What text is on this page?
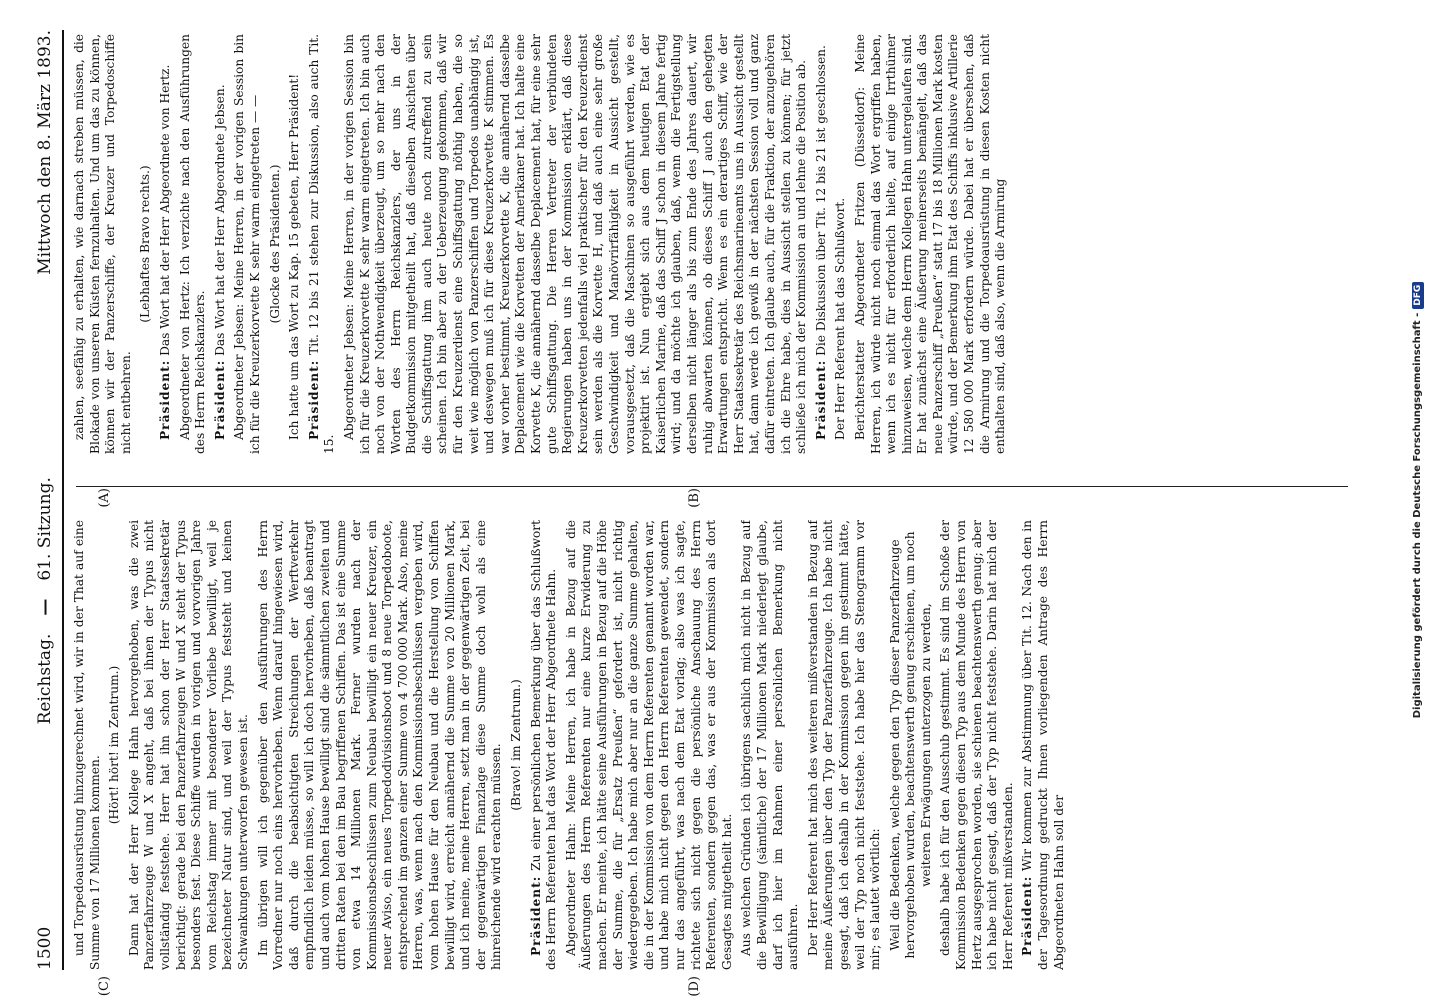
1500
Reichstag.
—
61. Sitzung.
Mittwoch den 8. März 1893. zahlen, seefähig zu erhalten, wie darnach streben müssen, die Blokade von unseren Küsten fernzuhalten. Und um das zu können, können wir der Panzerschiffe, der Kreuzer und Torpedoschiffe nicht entbehren.

(Lebhaftes Bravo rechts.)

Präsident: Das Wort hat der Herr Abgeordnete von Hertz. Abgeordneter von Hertz: Ich verzichte nach den Ausführungen des Herrn Reichskanzlers. Präsident: Das Wort hat der Herr Abgeordnete Jebsen. Abgeordneter Jebsen: Meine Herren, in der vorigen Session bin ich für die Kreuzerkorvette K sehr warm eingetreten — — (Glocke des Präsidenten.) Ich hatte um das Wort zu Kap. 15 gebeten, Herr Präsident! Präsident: Tit. 12 bis 21 stehen zur Diskussion, also auch Tit. 15.

Abgeordneter Jebsen: Meine Herren, in der vorigen Session bin ich für die Kreuzerkorvette K sehr warm eingetreten. Ich bin auch noch von der Nothwendigkeit überzeugt, um so mehr nach den Worten des Herrn Reichskanzlers, der uns in der Budgetkommission mitgetheilt hat, daß dieselben Ansichten über die Schiffsgattung ihm auch heute noch zutreffend zu sein scheinen. Ich bin aber zu der Ueberzeugung gekommen, daß wir für den Kreuzerdienst eine Schiffsgattung nöthig haben, die so weit wie möglich von Panzerschiffen und Torpedos unabhängig ist, und deswegen muß ich für diese Kreuzerkorvette K stimmen. Es war vorher bestimmt, Kreuzerkorvette K, die annähernd dasselbe Deplacement wie die Korvetten der Amerikaner hat. Ich halte eine Korvette K, die annähernd dasselbe Deplacement hat, für eine sehr gute Schiffsgattung. Die Herren Vertreter der verbündeten Regierungen haben uns in der Kommission erklärt, daß diese Kreuzerkorvetten jedenfalls viel praktischer für den Kreuzerdienst sein werden als die Korvette H, und daß auch eine sehr große Geschwindigkeit und Manövrirfähigkeit in Aussicht gestellt, vorausgesetzt, daß die Maschinen so ausgeführt werden, wie es projektirt ist. Nun ergiebt sich aus dem heutigen Etat der Kaiserlichen Marine, daß das Schiff J schon in diesem Jahre fertig wird; und da möchte ich glauben, daß, wenn die Fertigstellung derselben nicht länger als bis zum Ende des Jahres dauert, wir ruhig abwarten können, ob dieses Schiff J auch den gehegten Erwartungen entspricht. Wenn es ein derartiges Schiff, wie der Herr Staatssekretär des Reichsmarineamts uns in Aussicht gestellt hat, dann werde ich gewiß in der nächsten Session voll und ganz dafür eintreten. Ich glaube auch, für die Fraktion, der anzugehören ich die Ehre habe, dies in Aussicht stellen zu können; für jetzt schließe ich mich der Kommission an und lehne die Position ab. Präsident: Die Diskussion über Tit. 12 bis 21 ist geschlossen. Der Herr Referent hat das Schlußwort. Berichterstatter Abgeordneter Fritzen (Düsseldorf): Meine Herren, ich würde nicht noch einmal das Wort ergriffen haben, wenn ich es nicht für erforderlich hielte, auf einige Irrthümer hinzuweisen, welche dem Herrn Kollegen Hahn untergelaufen sind. Er hat zunächst eine Äußerung meinerseits bemängelt, daß das neue Panzerschiff „Preußen“ statt 17 bis 18 Millionen Mark kosten würde, und der Bemerkung ihm Etat des Schiffs inklusive Artillerie 12 580 000 Mark erfordern würde. Dabei hat er übersehen, daß die Armirung und die Torpedoausrüstung in diesen Kosten nicht enthalten sind, daß also, wenn die Armirung

und Torpedoausrüstung hinzugerechnet wird, wir in der That auf eine Summe von 17 Millionen kommen.

(Hört! hört! im Zentrum.) Dann hat der Herr Kollege Hahn hervorgehoben, was die zwei Panzerfahrzeuge W und X angeht, daß bei ihnen der Typus nicht vollständig feststehe. Herr hat ihn schon der Herr Staatssekretär berichtigt: gerade bei den Panzerfahrzeugen W und X steht der Typus besonders fest. Diese Schiffe wurden in vorigen und vorvorigen Jahre vom Reichstag immer mit besonderer Vorliebe bewilligt, weil je bezeichneter Natur sind, und weil der Typus feststeht und keinen Schwankungen unterworfen gewesen ist. Im übrigen will ich gegenüber den Ausführungen des Herrn Vorredner nur noch eins hervorheben. Wenn darauf hingewiesen wird, daß durch die beabsichtigten Streichungen der Werftverkehr empfindlich leiden müsse, so will ich doch hervorheben, daß beantragt und auch vom hohen Hause bewilligt sind die sämmtlichen zweiten und dritten Raten bei den im Bau begriffenen Schiffen. Das ist eine Summe von etwa 14 Millionen Mark. Ferner wurden nach der Kommissionsbeschlüssen zum Neubau bewilligt ein neuer Kreuzer, ein neuer Aviso, ein neues Torpedodivisionsboot und 8 neue Torpedoboote, entsprechend im ganzen einer Summe von 4 700 000 Mark. Also, meine Herren, was, wenn nach den Kommissionsbeschlüssen vergeben wird, vom hohen Hause für den Neubau und die Herstellung von Schiffen bewilligt wird, erreicht annähernd die Summe von 20 Millionen Mark, und ich meine, meine Herren, setzt man in der gegenwärtigen Zeit, bei der gegenwärtigen Finanzlage diese Summe doch wohl als eine hinreichende wird erachten müssen. (Bravo! im Zentrum.)

Präsident: Zu einer persönlichen Bemerkung über das Schlußwort des Herrn Referenten hat das Wort der Herr Abgeordnete Hahn. Abgeordneter Hahn: Meine Herren, ich habe in Bezug auf die Äußerungen des Herrn Referenten nur eine kurze Erwiderung zu machen. Er meinte, ich hätte seine Ausführungen in Bezug auf die Höhe der Summe, die für „Ersatz Preußen“ gefordert ist, nicht richtig wiedergegeben. Ich habe mich aber nur an die ganze Summe gehalten, die in der Kommission von dem Herrn Referenten genannt worden war, und habe mich nicht gegen den Herrn Referenten gewendet, sondern nur das angeführt, was nach dem Etat vorlag; also was ich sagte, richtete sich nicht gegen die persönliche Anschauung des Herrn Referenten, sondern gegen das, was er aus der Kommission als dort Gesagtes mitgetheilt hat. Aus welchen Gründen ich übrigens sachlich mich nicht in Bezug auf die Bewilligung (sämtliche) der 17 Millionen Mark niederlegt glaube, darf ich hier im Rahmen einer persönlichen Bemerkung nicht ausführen. Der Herr Referent hat mich des weiteren mißverstanden in Bezug auf meine Äußerungen über den Typ der Panzerfahrzeuge. Ich habe nicht gesagt, daß ich deshalb in der Kommission gegen ihn gestimmt hätte, weil der Typ noch nicht feststehe. Ich habe hier das Stenogramm vor mir; es lautet wörtlich: Weil die Bedenken, welche gegen den Typ dieser Panzerfahrzeuge hervorgehoben wurden, beachtenswerth genug erschienen, um noch weiteren Erwägungen unterzogen zu werden, deshalb habe ich für den Ausschub gestimmt. Es sind im Schoße der Kommission Bedenken gegen diesen Typ aus dem Munde des Herrn von Hertz ausgesprochen worden, sie schienen beachtenswerth genug; aber ich habe nicht gesagt, daß der Typ nicht feststehe. Darin hat mich der Herr Referent mißverstanden. Präsident: Wir kommen zur Abstimmung über Tit. 12. Nach den in der Tagesordnung gedruckt Ihnen vorliegenden Antrage des Herrn Abgeordneten Hahn soll der

(A)	(B)
(C)	(D)
Digitalisierung gefördert durch die Deutsche Forschungsgemeinschaft -DFG
